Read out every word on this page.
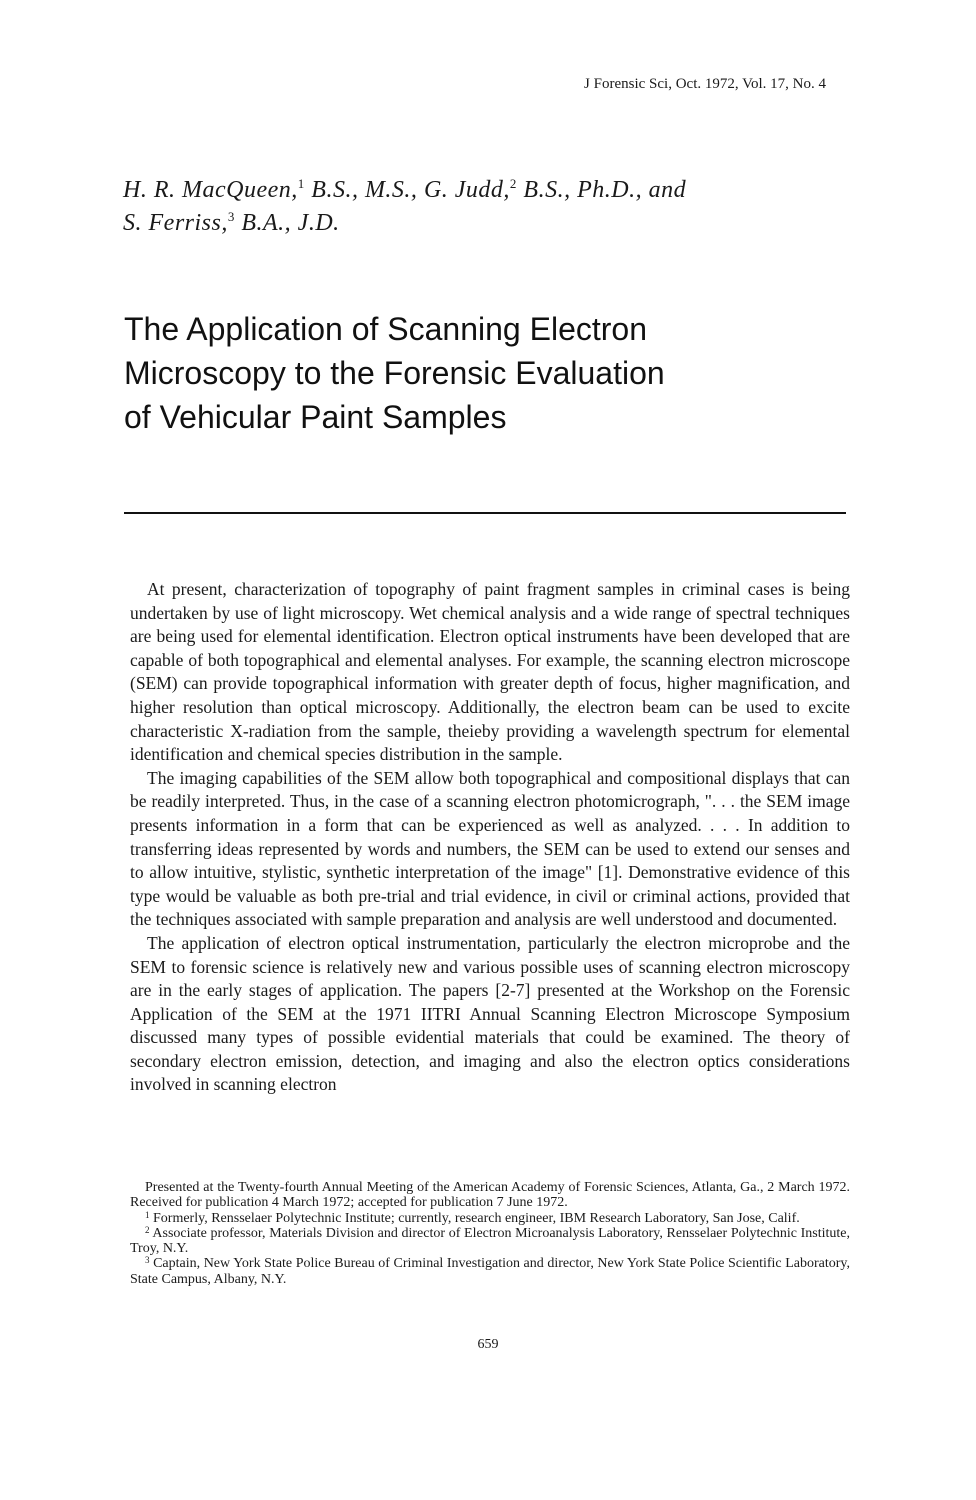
J Forensic Sci, Oct. 1972, Vol. 17, No. 4
H. R. MacQueen,$^1$ B.S., M.S., G. Judd,$^2$ B.S., Ph.D., and
S. Ferriss,$^3$ B.A., J.D.
The Application of Scanning Electron
Microscopy to the Forensic Evaluation
of Vehicular Paint Samples

At present, characterization of topography of paint fragment samples in criminal cases is being undertaken by use of light microscopy. Wet chemical analysis and a wide range of spectral techniques are being used for elemental identification. Electron optical instruments have been developed that are capable of both topographical and elemental analyses. For example, the scanning electron microscope (SEM) can provide topographical information with greater depth of focus, higher magnification, and higher resolution than optical microscopy. Additionally, the electron beam can be used to excite characteristic X-radiation from the sample, theieby providing a wavelength spectrum for elemental identification and chemical species distribution in the sample.

The imaging capabilities of the SEM allow both topographical and compositional displays that can be readily interpreted. Thus, in the case of a scanning electron photomicrograph, ". . . the SEM image presents information in a form that can be experienced as well as analyzed. . . . In addition to transferring ideas represented by words and numbers, the SEM can be used to extend our senses and to allow intuitive, stylistic, synthetic interpretation of the image" [1]. Demonstrative evidence of this type would be valuable as both pre-trial and trial evidence, in civil or criminal actions, provided that the techniques associated with sample preparation and analysis are well understood and documented.

The application of electron optical instrumentation, particularly the electron microprobe and the SEM to forensic science is relatively new and various possible uses of scanning electron microscopy are in the early stages of application. The papers [2-7] presented at the Workshop on the Forensic Application of the SEM at the 1971 IITRI Annual Scanning Electron Microscope Symposium discussed many types of possible evidential materials that could be examined. The theory of secondary electron emission, detection, and imaging and also the electron optics considerations involved in scanning electron

Presented at the Twenty-fourth Annual Meeting of the American Academy of Forensic Sciences, Atlanta, Ga., 2 March 1972. Received for publication 4 March 1972; accepted for publication 7 June 1972.

$^1$ Formerly, Rensselaer Polytechnic Institute; currently, research engineer, IBM Research Laboratory, San Jose, Calif.

$^2$ Associate professor, Materials Division and director of Electron Microanalysis Laboratory, Rensselaer Polytechnic Institute, Troy, N.Y.

$^3$ Captain, New York State Police Bureau of Criminal Investigation and director, New York State Police Scientific Laboratory, State Campus, Albany, N.Y.

659
